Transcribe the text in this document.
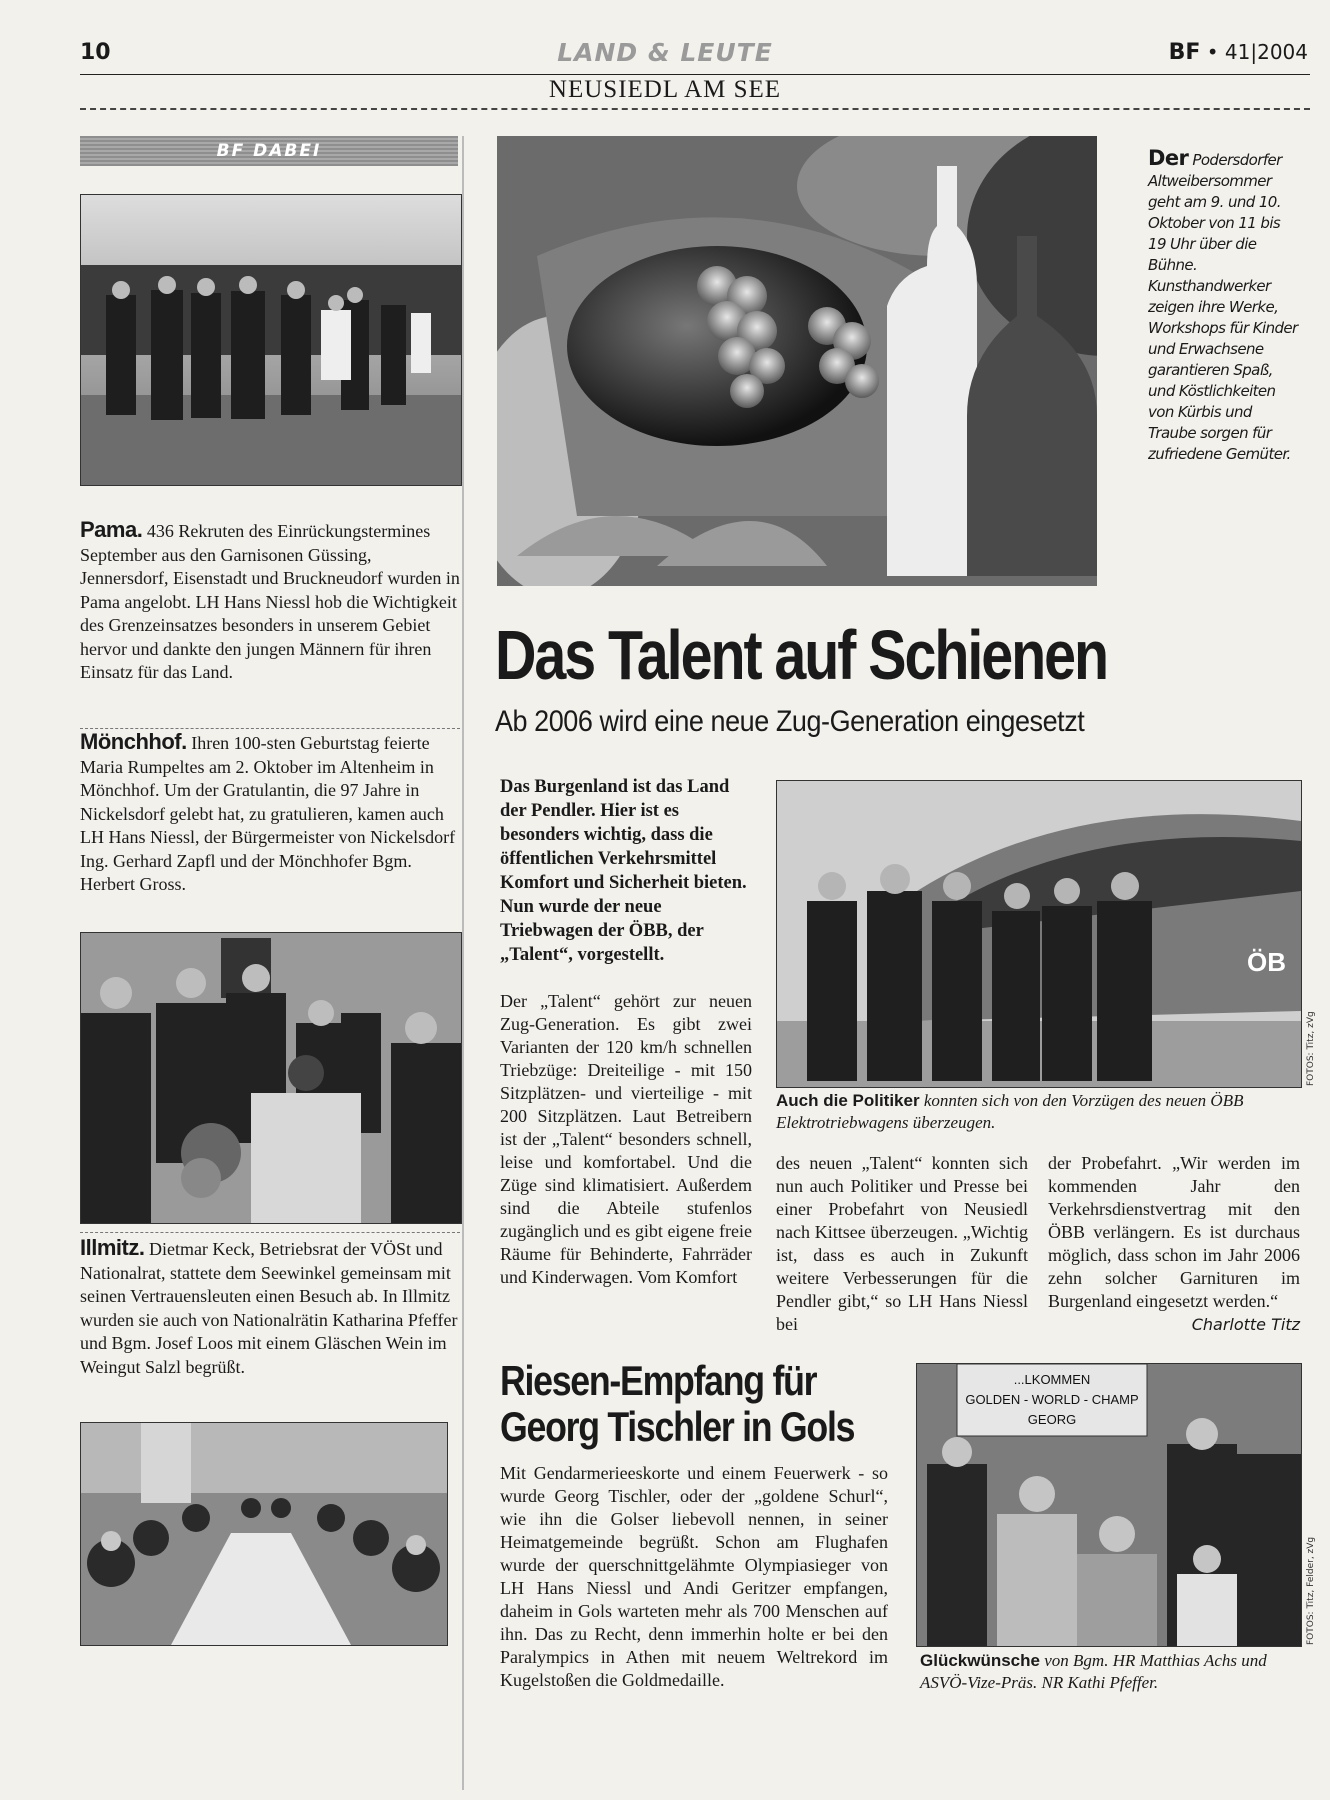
10	LAND & LEUTE	BF • 41|2004
NEUSIEDL AM SEE
BF DABEI
Pama. 436 Rekruten des Einrückungstermines September aus den Garnisonen Güssing, Jennersdorf, Eisenstadt und Bruckneudorf wurden in Pama angelobt. LH Hans Niessl hob die Wichtigkeit des Grenzeinsatzes besonders in unserem Gebiet hervor und dankte den jungen Männern für ihren Einsatz für das Land.
Mönchhof. Ihren 100-sten Geburtstag feierte Maria Rumpeltes am 2. Oktober im Altenheim in Mönchhof. Um der Gratulantin, die 97 Jahre in Nickelsdorf gelebt hat, zu gratulieren, kamen auch LH Hans Niessl, der Bürgermeister von Nickelsdorf Ing. Gerhard Zapfl und der Mönchhofer Bgm. Herbert Gross.
Illmitz. Dietmar Keck, Betriebsrat der VÖSt und Nationalrat, stattete dem Seewinkel gemeinsam mit seinen Vertrauensleuten einen Besuch ab. In Illmitz wurden sie auch von Nationalrätin Katharina Pfeffer und Bgm. Josef Loos mit einem Gläschen Wein im Weingut Salzl begrüßt.
Der Podersdorfer Altweibersommer geht am 9. und 10. Oktober von 11 bis 19 Uhr über die Bühne. Kunsthandwerker zeigen ihre Werke, Workshops für Kinder und Erwachsene garantieren Spaß, und Köstlichkeiten von Kürbis und Traube sorgen für zufriedene Gemüter.
Das Talent auf Schienen
Ab 2006 wird eine neue Zug-Generation eingesetzt
Das Burgenland ist das Land der Pendler. Hier ist es besonders wichtig, dass die öffentlichen Verkehrsmittel Komfort und Sicherheit bieten. Nun wurde der neue Triebwagen der ÖBB, der „Talent“, vorgestellt.	ÖB
FOTOS: Titz, zVg
Auch die Politiker konnten sich von den Vorzügen des neuen ÖBB Elektrotriebwagens überzeugen.
Der „Talent“ gehört zur neuen Zug-Generation. Es gibt zwei Varianten der 120 km/h schnellen Triebzüge: Dreiteilige - mit 150 Sitzplätzen- und vierteilige - mit 200 Sitzplätzen. Laut Betreibern ist der „Talent“ besonders schnell, leise und komfortabel. Und die Züge sind klimatisiert. Außerdem sind die Abteile stufenlos zugänglich und es gibt eigene freie Räume für Behinderte, Fahrräder und Kinderwagen. Vom Komfort
des neuen „Talent“ konnten sich nun auch Politiker und Presse bei einer Probefahrt von Neusiedl nach Kittsee überzeugen. „Wichtig ist, dass es auch in Zukunft weitere Verbesserungen für die Pendler gibt,“ so LH Hans Niessl bei
der Probefahrt. „Wir werden im kommenden Jahr den Verkehrsdienstvertrag mit den ÖBB verlängern. Es ist durchaus möglich, dass schon im Jahr 2006 zehn solcher Garnituren im Burgenland eingesetzt werden.“
Charlotte Titz
Riesen-Empfang für Georg Tischler in Gols
Mit Gendarmerieeskorte und einem Feuerwerk - so wurde Georg Tischler, oder der „goldene Schurl“, wie ihn die Golser liebevoll nennen, in seiner Heimatgemeinde begrüßt. Schon am Flughafen wurde der querschnittgelähmte Olympiasieger von LH Hans Niessl und Andi Geritzer empfangen, daheim in Gols warteten mehr als 700 Menschen auf ihn. Das zu Recht, denn immerhin holte er bei den Paralympics in Athen mit neuem Weltrekord im Kugelstoßen die Goldmedaille.
...LKOMMEN
GOLDEN - WORLD - CHAMP
GEORG
FOTOS: Titz, Felder, zVg
Glückwünsche von Bgm. HR Matthias Achs und ASVÖ-Vize-Präs. NR Kathi Pfeffer.
